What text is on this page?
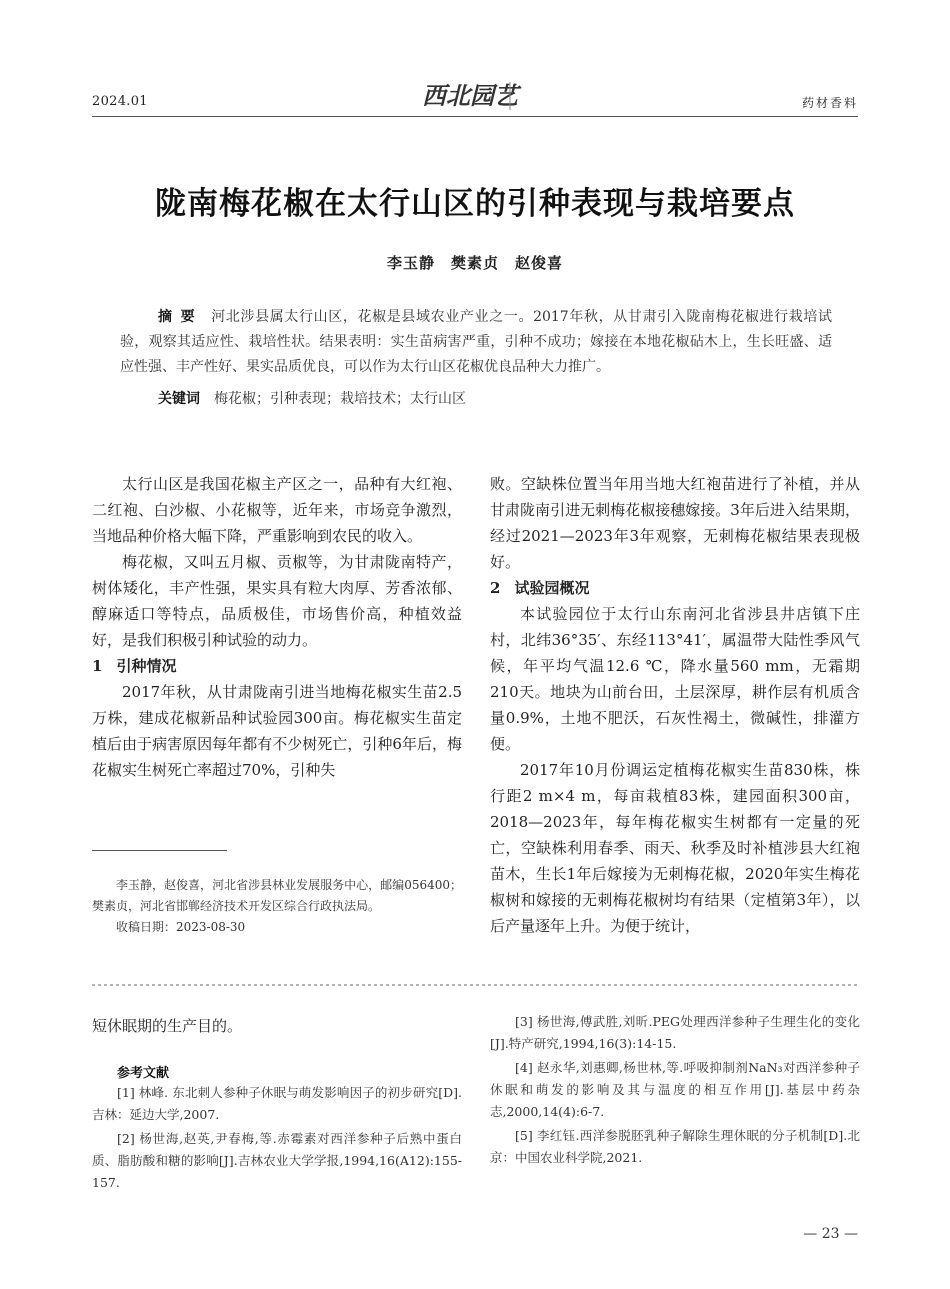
2024.01	西北园艺	药材香料
陇南梅花椒在太行山区的引种表现与栽培要点
李玉静　樊素贞　赵俊喜
摘要 河北涉县属太行山区，花椒是县域农业产业之一。2017年秋，从甘肃引入陇南梅花椒进行栽培试验，观察其适应性、栽培性状。结果表明：实生苗病害严重，引种不成功；嫁接在本地花椒砧木上，生长旺盛、适应性强、丰产性好、果实品质优良，可以作为太行山区花椒优良品种大力推广。
关键词 梅花椒；引种表现；栽培技术；太行山区

太行山区是我国花椒主产区之一，品种有大红袍、二红袍、白沙椒、小花椒等，近年来，市场竞争激烈，当地品种价格大幅下降，严重影响到农民的收入。

梅花椒，又叫五月椒、贡椒等，为甘肃陇南特产，树体矮化，丰产性强，果实具有粒大肉厚、芳香浓郁、醇麻适口等特点，品质极佳，市场售价高，种植效益好，是我们积极引种试验的动力。

1 引种情况

2017年秋，从甘肃陇南引进当地梅花椒实生苗2.5万株，建成花椒新品种试验园300亩。梅花椒实生苗定植后由于病害原因每年都有不少树死亡，引种6年后，梅花椒实生树死亡率超过70%，引种失

败。空缺株位置当年用当地大红袍苗进行了补植，并从甘肃陇南引进无刺梅花椒接穗嫁接。3年后进入结果期，经过2021—2023年3年观察，无刺梅花椒结果表现极好。

2 试验园概况

本试验园位于太行山东南河北省涉县井店镇下庄村，北纬36°35′、东经113°41′，属温带大陆性季风气候，年平均气温12.6 ℃，降水量560 mm，无霜期210天。地块为山前台田，土层深厚，耕作层有机质含量0.9%，土地不肥沃，石灰性褐土，微碱性，排灌方便。

2017年10月份调运定植梅花椒实生苗830株，株行距2 m×4 m，每亩栽植83株，建园面积300亩，2018—2023年，每年梅花椒实生树都有一定量的死亡，空缺株利用春季、雨天、秋季及时补植涉县大红袍苗木，生长1年后嫁接为无刺梅花椒，2020年实生梅花椒树和嫁接的无刺梅花椒树均有结果（定植第3年），以后产量逐年上升。为便于统计，

李玉静，赵俊喜，河北省涉县林业发展服务中心，邮编056400；樊素贞，河北省邯郸经济技术开发区综合行政执法局。

收稿日期：2023-08-30

短休眠期的生产目的。
参考文献

[1] 林峰. 东北刺人参种子休眠与萌发影响因子的初步研究[D].吉林：延边大学,2007.

[2] 杨世海,赵英,尹春梅,等.赤霉素对西洋参种子后熟中蛋白质、脂肪酸和糖的影响[J].吉林农业大学学报,1994,16(A12):155-157.

[3] 杨世海,傅武胜,刘昕.PEG处理西洋参种子生理生化的变化[J].特产研究,1994,16(3):14-15.

[4] 赵永华,刘惠卿,杨世林,等.呼吸抑制剂NaN₃对西洋参种子休眠和萌发的影响及其与温度的相互作用[J].基层中药杂志,2000,14(4):6-7.

[5] 李红钰.西洋参脱胚乳种子解除生理休眠的分子机制[D].北京：中国农业科学院,2021.

— 23 —
